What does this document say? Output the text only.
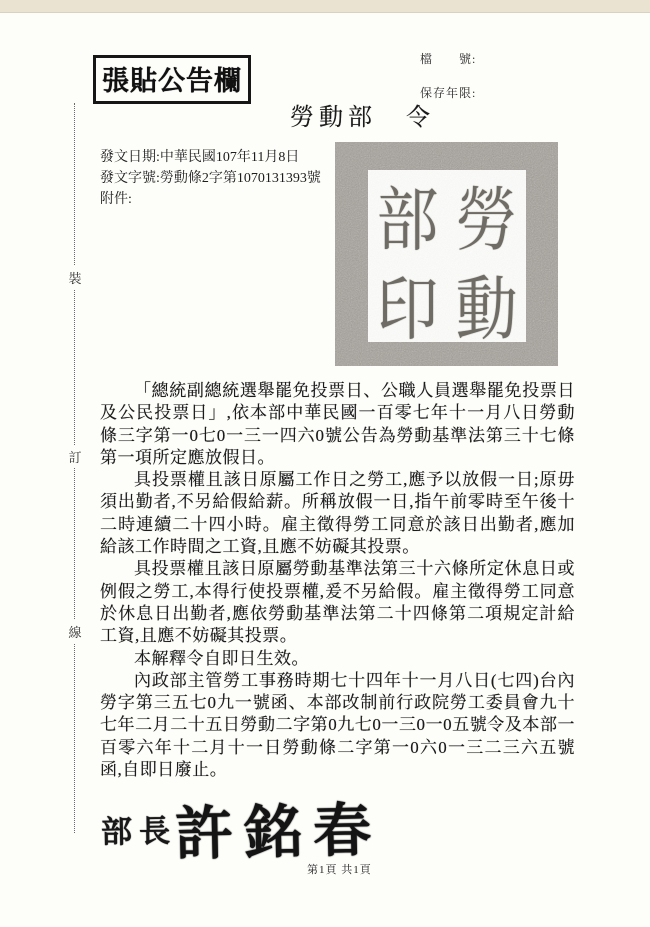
張貼公告欄
檔　　號:
保存年限:
勞動部　令
發文日期:中華民國107年11月8日
發文字號:勞動條2字第1070131393號
附件:
裝
訂
線
勞
動
部
印

「總統副總統選舉罷免投票日、公職人員選舉罷免投票日及公民投票日」,依本部中華民國一百零七年十一月八日勞動條三字第一0七0一三一四六0號公告為勞動基準法第三十七條第一項所定應放假日。

具投票權且該日原屬工作日之勞工,應予以放假一日;原毋須出勤者,不另給假給薪。所稱放假一日,指午前零時至午後十二時連續二十四小時。雇主徵得勞工同意於該日出勤者,應加給該工作時間之工資,且應不妨礙其投票。

具投票權且該日原屬勞動基準法第三十六條所定休息日或例假之勞工,本得行使投票權,爰不另給假。雇主徵得勞工同意於休息日出勤者,應依勞動基準法第二十四條第二項規定計給工資,且應不妨礙其投票。

本解釋令自即日生效。

內政部主管勞工事務時期七十四年十一月八日(七四)台內勞字第三五七0九一號函、本部改制前行政院勞工委員會九十七年二月二十五日勞動二字第0九七0一三0一0五號令及本部一百零六年十二月十一日勞動條二字第一0六0一三二三六五號函,自即日廢止。

部長
許銘春
第1頁 共1頁
